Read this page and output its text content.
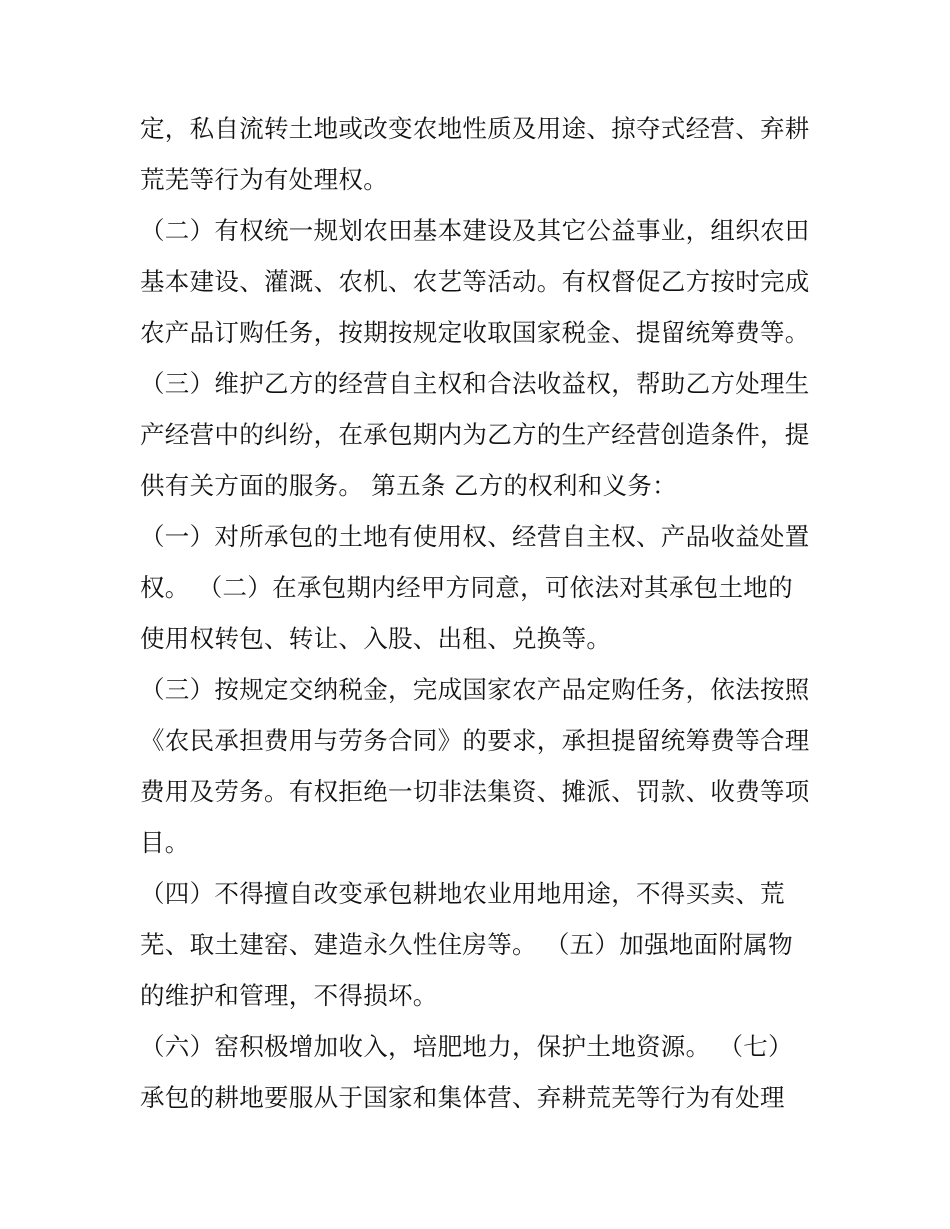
定，私自流转土地或改变农地性质及用途、掠夺式经营、弃耕
荒芜等行为有处理权。
（二）有权统一规划农田基本建设及其它公益事业，组织农田
基本建设、灌溉、农机、农艺等活动。有权督促乙方按时完成
农产品订购任务，按期按规定收取国家税金、提留统筹费等。
（三）维护乙方的经营自主权和合法收益权，帮助乙方处理生
产经营中的纠纷，在承包期内为乙方的生产经营创造条件，提
供有关方面的服务。 第五条 乙方的权利和义务：
（一）对所承包的土地有使用权、经营自主权、产品收益处置
权。 （二）在承包期内经甲方同意，可依法对其承包土地的
使用权转包、转让、入股、出租、兑换等。
（三）按规定交纳税金，完成国家农产品定购任务，依法按照
《农民承担费用与劳务合同》的要求，承担提留统筹费等合理
费用及劳务。有权拒绝一切非法集资、摊派、罚款、收费等项
目。
（四）不得擅自改变承包耕地农业用地用途，不得买卖、荒
芜、取土建窑、建造永久性住房等。 （五）加强地面附属物
的维护和管理，不得损坏。
（六）窑积极增加收入，培肥地力，保护土地资源。 （七）
承包的耕地要服从于国家和集体营、弃耕荒芜等行为有处理
